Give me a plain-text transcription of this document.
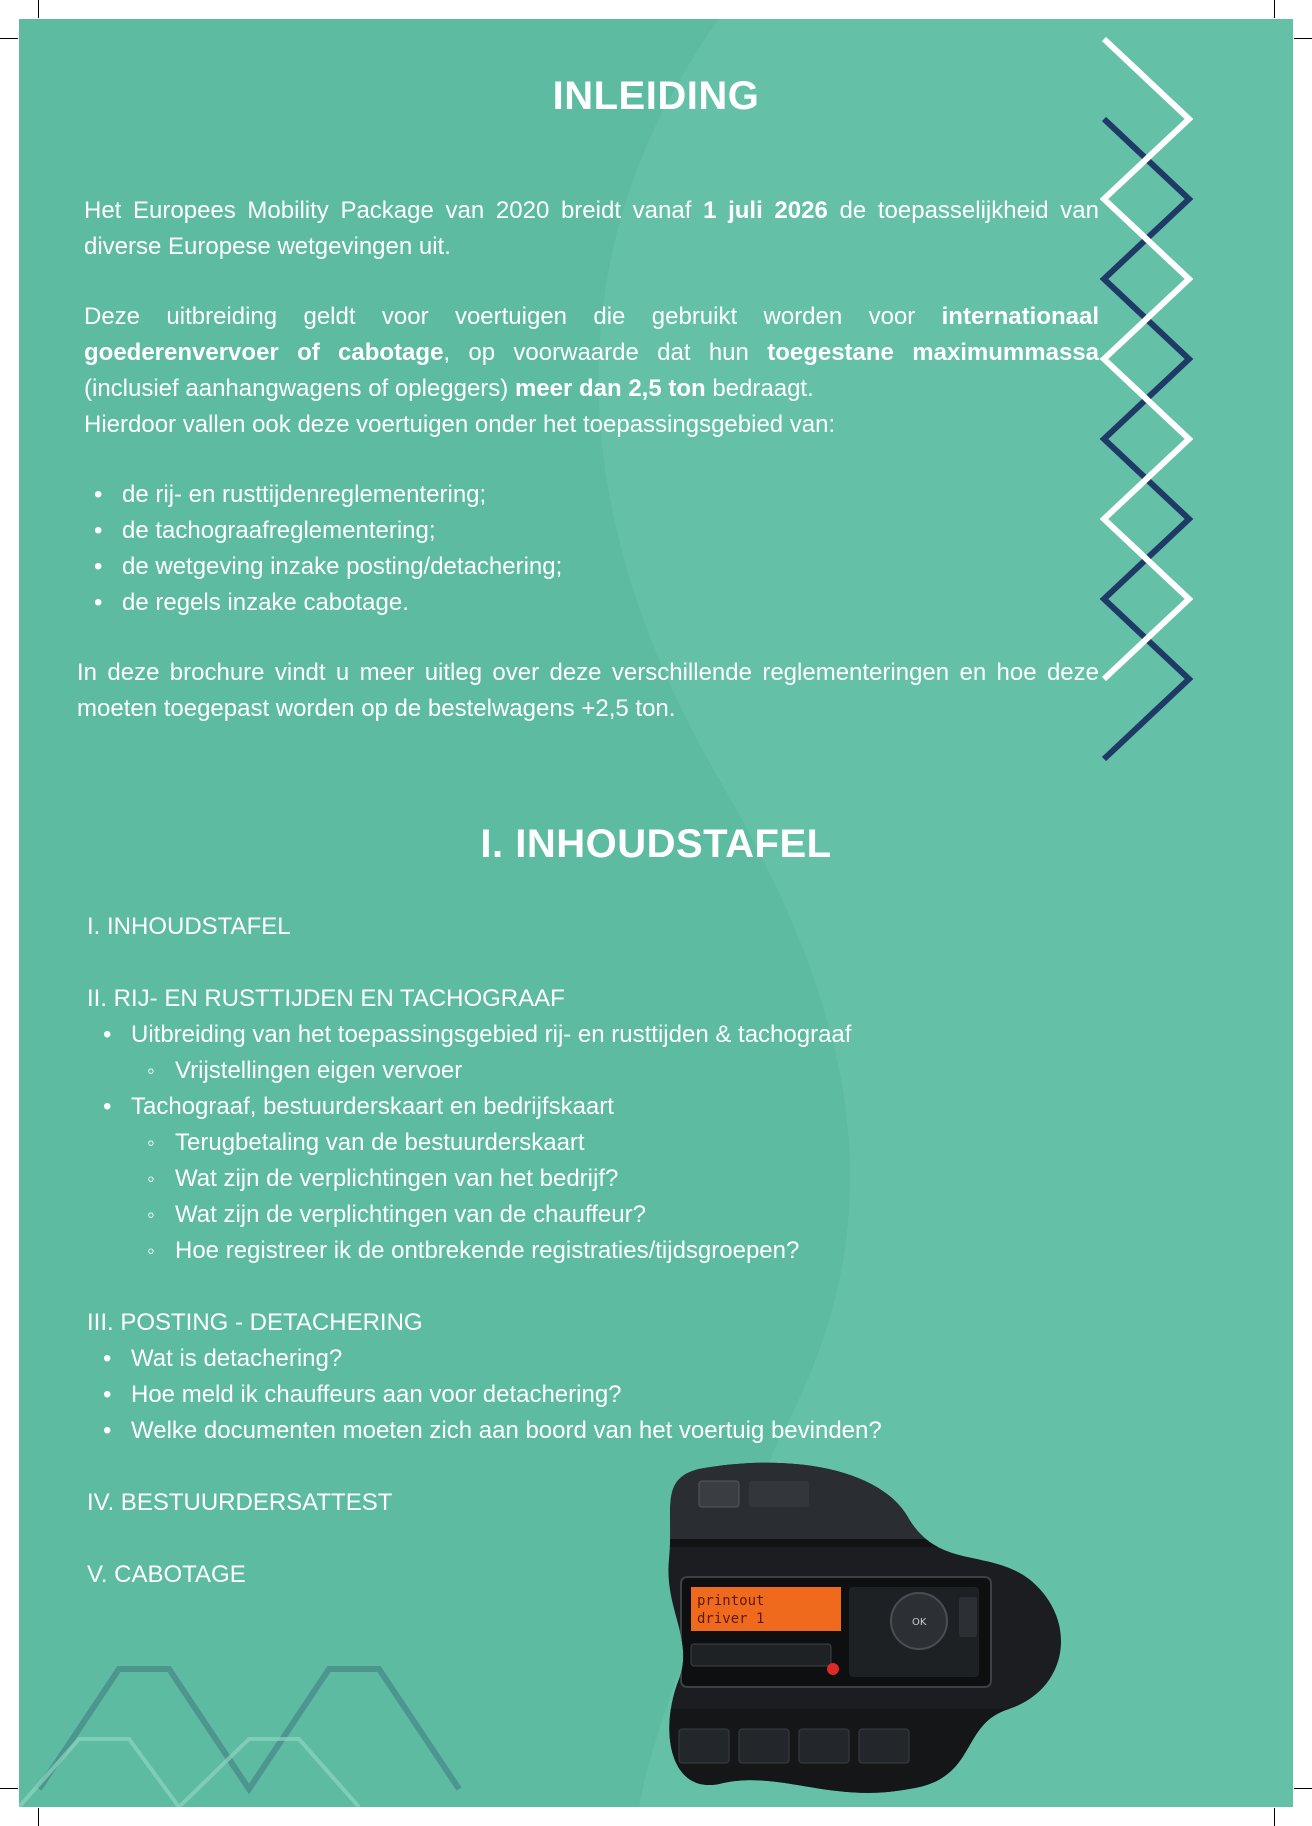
INLEIDING

Het Europees Mobility Package van 2020 breidt vanaf 1 juli 2026 de toepasselijkheid van diverse Europese wetgevingen uit.

Deze uitbreiding geldt voor voertuigen die gebruikt worden voor internationaal goederenvervoer of cabotage, op voorwaarde dat hun toegestane maximummassa (inclusief aanhangwagens of opleggers) meer dan 2,5 ton bedraagt.

Hierdoor vallen ook deze voertuigen onder het toepassingsgebied van:

• de rij- en rusttijdenreglementering;
• de tachograafreglementering;
• de wetgeving inzake posting/detachering;
• de regels inzake cabotage.

In deze brochure vindt u meer uitleg over deze verschillende reglementeringen en hoe deze moeten toegepast worden op de bestelwagens +2,5 ton.

I. INHOUDSTAFEL
I. INHOUDSTAFEL
II. RIJ- EN RUSTTIJDEN EN TACHOGRAAF
• Uitbreiding van het toepassingsgebied rij- en rusttijden & tachograaf
◦ Vrijstellingen eigen vervoer
• Tachograaf, bestuurderskaart en bedrijfskaart
◦ Terugbetaling van de bestuurderskaart
◦ Wat zijn de verplichtingen van het bedrijf?
◦ Wat zijn de verplichtingen van de chauffeur?
◦ Hoe registreer ik de ontbrekende registraties/tijdsgroepen?
III. POSTING - DETACHERING
• Wat is detachering?
• Hoe meld ik chauffeurs aan voor detachering?
• Welke documenten moeten zich aan boord van het voertuig bevinden?
IV. BESTUURDERSATTEST
V. CABOTAGE
printout
driver 1	OK
